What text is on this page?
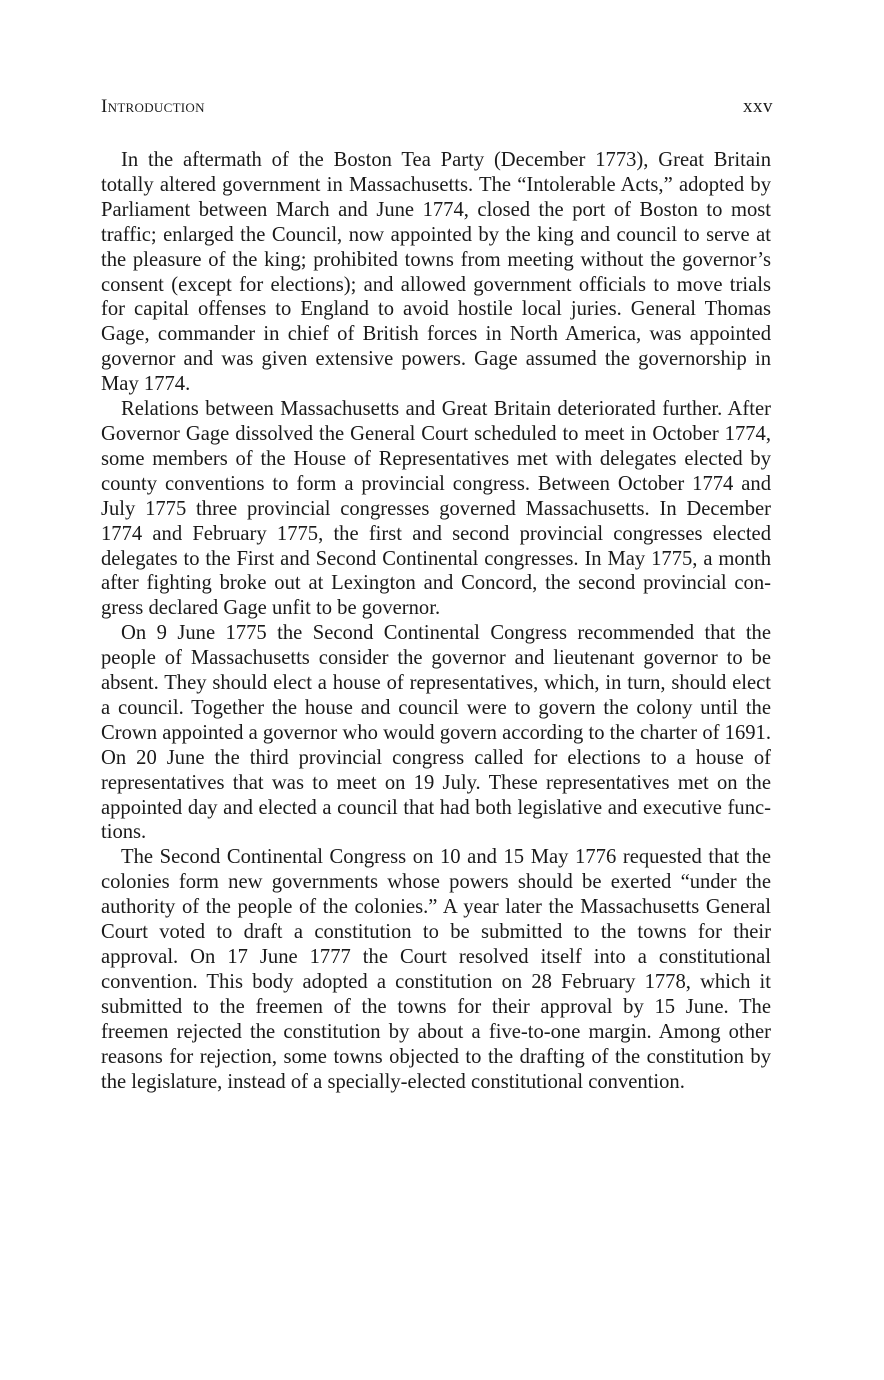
Introduction	xxv

In the aftermath of the Boston Tea Party (December 1773), Great Britain totally altered government in Massachusetts. The “Intolerable Acts,” adopted by Parliament between March and June 1774, closed the port of Boston to most traffic; enlarged the Council, now appointed by the king and council to serve at the pleasure of the king; prohibited towns from meeting without the governor’s consent (except for elections); and allowed government officials to move trials for capital offenses to England to avoid hostile local juries. General Thomas Gage, commander in chief of British forces in North America, was appointed governor and was given extensive powers. Gage assumed the governorship in May 1774.

Relations between Massachusetts and Great Britain deteriorated further. After Governor Gage dissolved the General Court scheduled to meet in October 1774, some members of the House of Representatives met with delegates elected by county conventions to form a provincial congress. Between October 1774 and July 1775 three provincial congresses governed Massachusetts. In December 1774 and February 1775, the first and second provincial congresses elected delegates to the First and Second Continental congresses. In May 1775, a month after fighting broke out at Lexington and Concord, the second provincial congress declared Gage unfit to be governor.

On 9 June 1775 the Second Continental Congress recommended that the people of Massachusetts consider the governor and lieutenant governor to be absent. They should elect a house of representatives, which, in turn, should elect a council. Together the house and council were to govern the colony until the Crown appointed a governor who would govern according to the charter of 1691. On 20 June the third provincial congress called for elections to a house of representatives that was to meet on 19 July. These representatives met on the appointed day and elected a council that had both legislative and executive functions.

The Second Continental Congress on 10 and 15 May 1776 requested that the colonies form new governments whose powers should be exerted “under the authority of the people of the colonies.” A year later the Massachusetts General Court voted to draft a constitution to be submitted to the towns for their approval. On 17 June 1777 the Court resolved itself into a constitutional convention. This body adopted a constitution on 28 February 1778, which it submitted to the freemen of the towns for their approval by 15 June. The freemen rejected the constitution by about a five-to-one margin. Among other reasons for rejection, some towns objected to the drafting of the constitution by the legislature, instead of a specially-elected constitutional convention.
